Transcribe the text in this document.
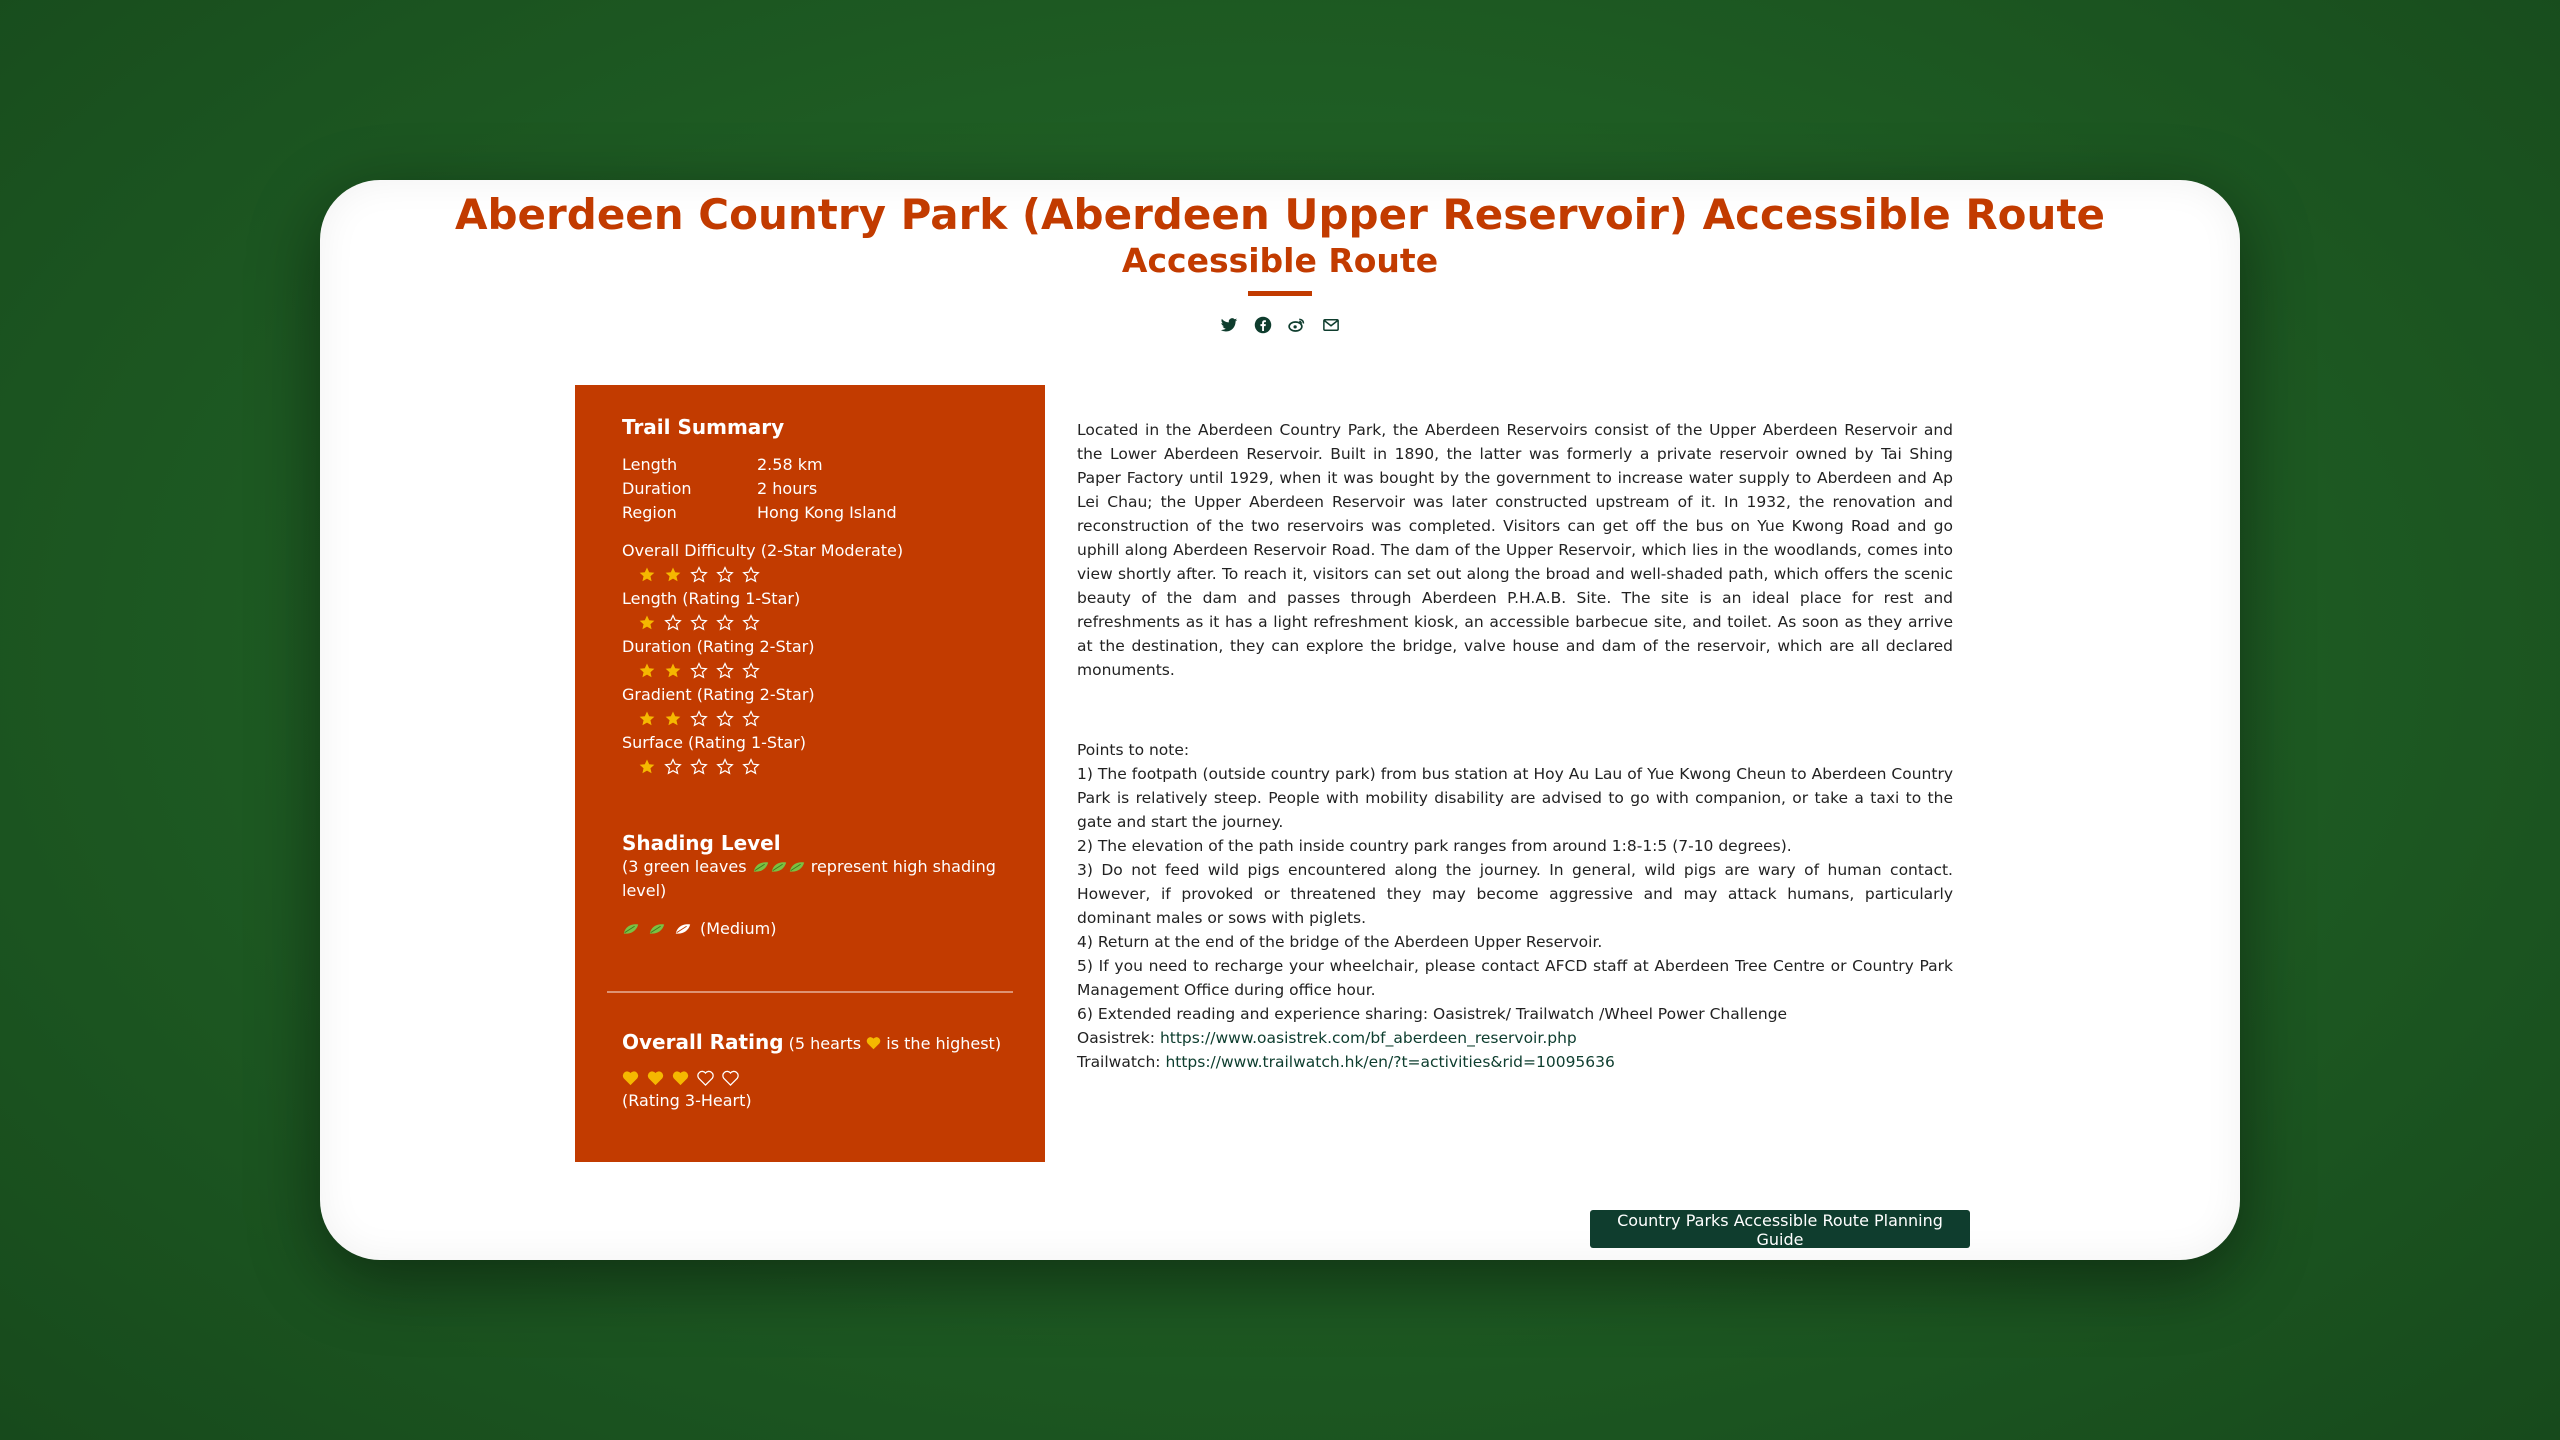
Aberdeen Country Park (Aberdeen Upper Reservoir) Accessible Route
Accessible Route
Trail Summary
Length	2.58 km
Duration	2 hours
Region	Hong Kong Island
Overall Difficulty (2-Star Moderate)
Length (Rating 1-Star)
Duration (Rating 2-Star)
Gradient (Rating 2-Star)
Surface (Rating 1-Star)
Shading Level
(3 green leaves	represent high shading level)
(Medium)
Overall Rating (5 hearts is the highest)
(Rating 3-Heart)

Located in the Aberdeen Country Park, the Aberdeen Reservoirs consist of the Upper Aberdeen Reservoir and the Lower Aberdeen Reservoir. Built in 1890, the latter was formerly a private reservoir owned by Tai Shing Paper Factory until 1929, when it was bought by the government to increase water supply to Aberdeen and Ap Lei Chau; the Upper Aberdeen Reservoir was later constructed upstream of it. In 1932, the renovation and reconstruction of the two reservoirs was completed. Visitors can get off the bus on Yue Kwong Road and go uphill along Aberdeen Reservoir Road. The dam of the Upper Reservoir, which lies in the woodlands, comes into view shortly after. To reach it, visitors can set out along the broad and well-shaded path, which offers the scenic beauty of the dam and passes through Aberdeen P.H.A.B. Site. The site is an ideal place for rest and refreshments as it has a light refreshment kiosk, an accessible barbecue site, and toilet. As soon as they arrive at the destination, they can explore the bridge, valve house and dam of the reservoir, which are all declared monuments.

Points to note:
1) The footpath (outside country park) from bus station at Hoy Au Lau of Yue Kwong Cheun to Aberdeen Country Park is relatively steep. People with mobility disability are advised to go with companion, or take a taxi to the gate and start the journey.
2) The elevation of the path inside country park ranges from around 1:8-1:5 (7-10 degrees).
3) Do not feed wild pigs encountered along the journey. In general, wild pigs are wary of human contact. However, if provoked or threatened they may become aggressive and may attack humans, particularly dominant males or sows with piglets.
4) Return at the end of the bridge of the Aberdeen Upper Reservoir.
5) If you need to recharge your wheelchair, please contact AFCD staff at Aberdeen Tree Centre or Country Park Management Office during office hour.
6) Extended reading and experience sharing: Oasistrek/ Trailwatch /Wheel Power Challenge
Oasistrek: https://www.oasistrek.com/bf_aberdeen_reservoir.php
Trailwatch: https://www.trailwatch.hk/en/?t=activities&rid=10095636
Country Parks Accessible Route Planning Guide
